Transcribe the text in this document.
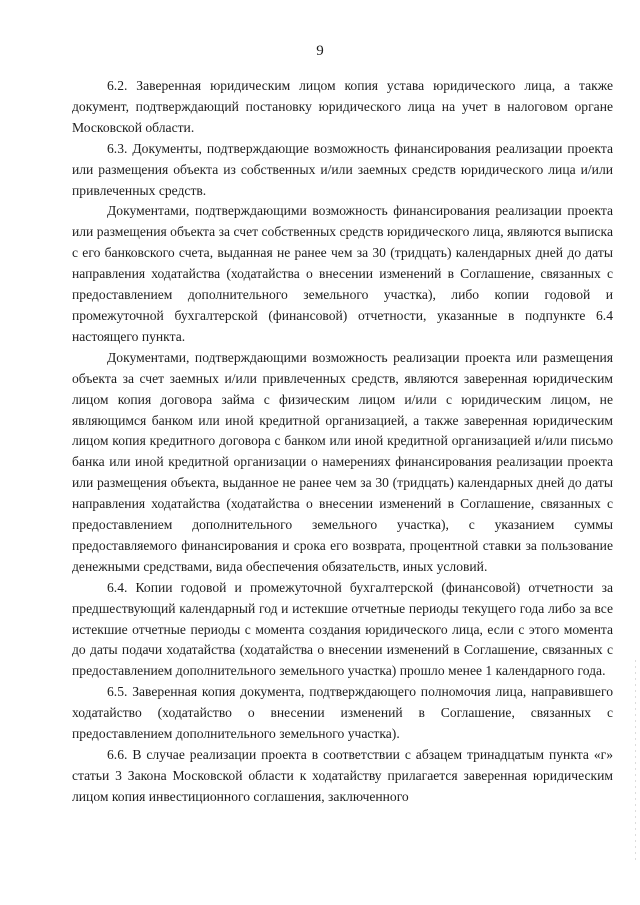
9

6.2. Заверенная юридическим лицом копия устава юридического лица, а также документ, подтверждающий постановку юридического лица на учет в налоговом органе Московской области.

6.3. Документы, подтверждающие возможность финансирования реализации проекта или размещения объекта из собственных и/или заемных средств юридического лица и/или привлеченных средств.

Документами, подтверждающими возможность финансирования реализации проекта или размещения объекта за счет собственных средств юридического лица, являются выписка с его банковского счета, выданная не ранее чем за 30 (тридцать) календарных дней до даты направления ходатайства (ходатайства о внесении изменений в Соглашение, связанных с предоставлением дополнительного земельного участка), либо копии годовой и промежуточной бухгалтерской (финансовой) отчетности, указанные в подпункте 6.4 настоящего пункта.

Документами, подтверждающими возможность реализации проекта или размещения объекта за счет заемных и/или привлеченных средств, являются заверенная юридическим лицом копия договора займа с физическим лицом и/или с юридическим лицом, не являющимся банком или иной кредитной организацией, а также заверенная юридическим лицом копия кредитного договора с банком или иной кредитной организацией и/или письмо банка или иной кредитной организации о намерениях финансирования реализации проекта или размещения объекта, выданное не ранее чем за 30 (тридцать) календарных дней до даты направления ходатайства (ходатайства о внесении изменений в Соглашение, связанных с предоставлением дополнительного земельного участка), с указанием суммы предоставляемого финансирования и срока его возврата, процентной ставки за пользование денежными средствами, вида обеспечения обязательств, иных условий.

6.4. Копии годовой и промежуточной бухгалтерской (финансовой) отчетности за предшествующий календарный год и истекшие отчетные периоды текущего года либо за все истекшие отчетные периоды с момента создания юридического лица, если с этого момента до даты подачи ходатайства (ходатайства о внесении изменений в Соглашение, связанных с предоставлением дополнительного земельного участка) прошло менее 1 календарного года.

6.5. Заверенная копия документа, подтверждающего полномочия лица, направившего ходатайство (ходатайство о внесении изменений в Соглашение, связанных с предоставлением дополнительного земельного участка).

6.6. В случае реализации проекта в соответствии с абзацем тринадцатым пункта «г» статьи 3 Закона Московской области к ходатайству прилагается заверенная юридическим лицом копия инвестиционного соглашения, заключенного
